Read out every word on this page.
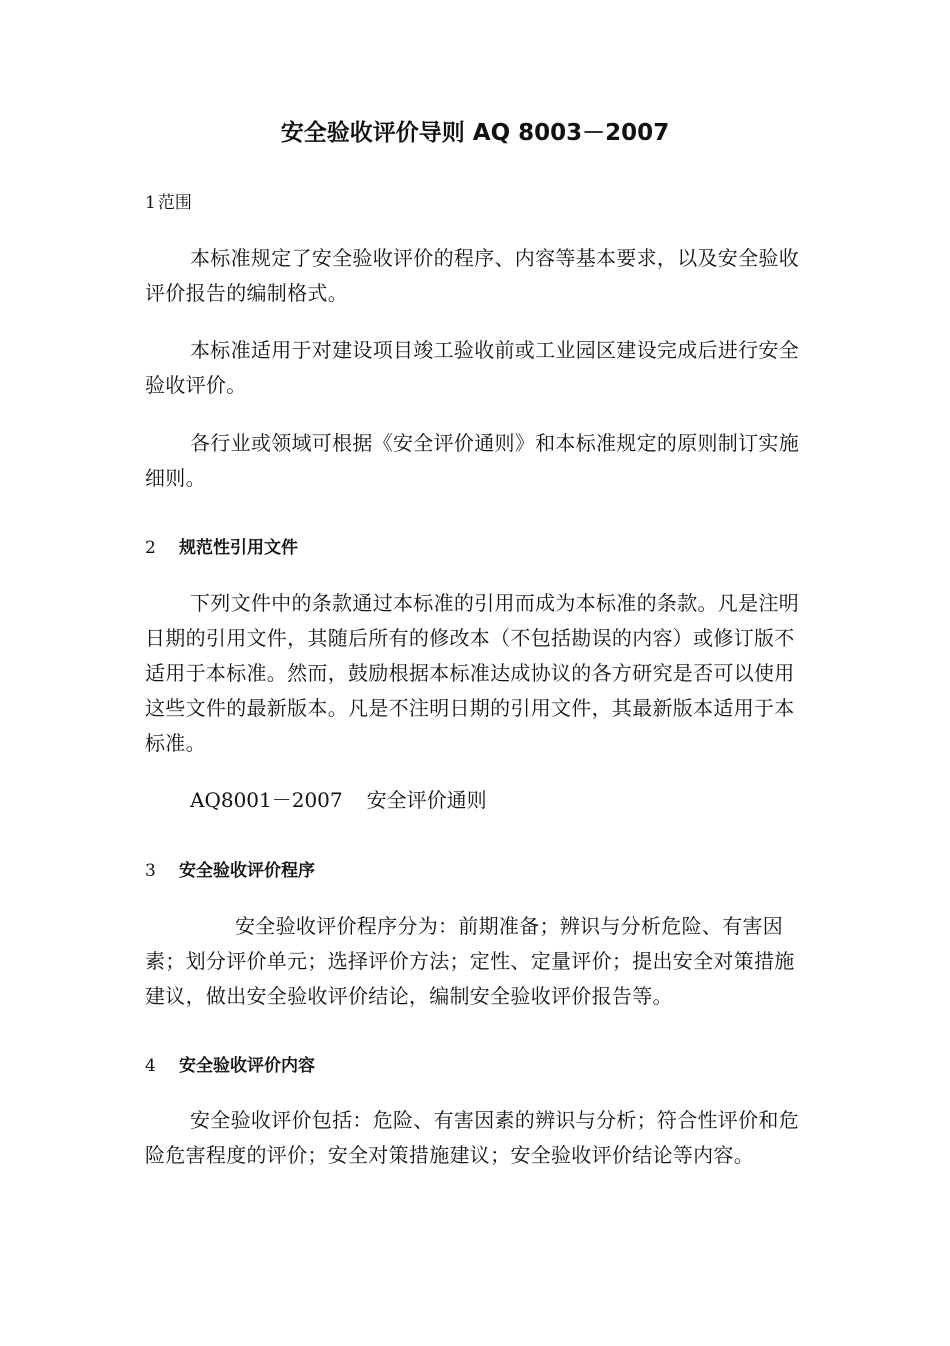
安全验收评价导则 AQ 8003－2007
1 范围

本标准规定了安全验收评价的程序、内容等基本要求，以及安全验收评价报告的编制格式。

本标准适用于对建设项目竣工验收前或工业园区建设完成后进行安全验收评价。

各行业或领域可根据《安全评价通则》和本标准规定的原则制订实施细则。

2 规范性引用文件

下列文件中的条款通过本标准的引用而成为本标准的条款。凡是注明日期的引用文件，其随后所有的修改本（不包括勘误的内容）或修订版不适用于本标准。然而，鼓励根据本标准达成协议的各方研究是否可以使用这些文件的最新版本。凡是不注明日期的引用文件，其最新版本适用于本标准。

AQ8001－2007 安全评价通则

3 安全验收评价程序

安全验收评价程序分为：前期准备；辨识与分析危险、有害因素；划分评价单元；选择评价方法；定性、定量评价；提出安全对策措施建议，做出安全验收评价结论，编制安全验收评价报告等。

4 安全验收评价内容

安全验收评价包括：危险、有害因素的辨识与分析；符合性评价和危险危害程度的评价；安全对策措施建议；安全验收评价结论等内容。
